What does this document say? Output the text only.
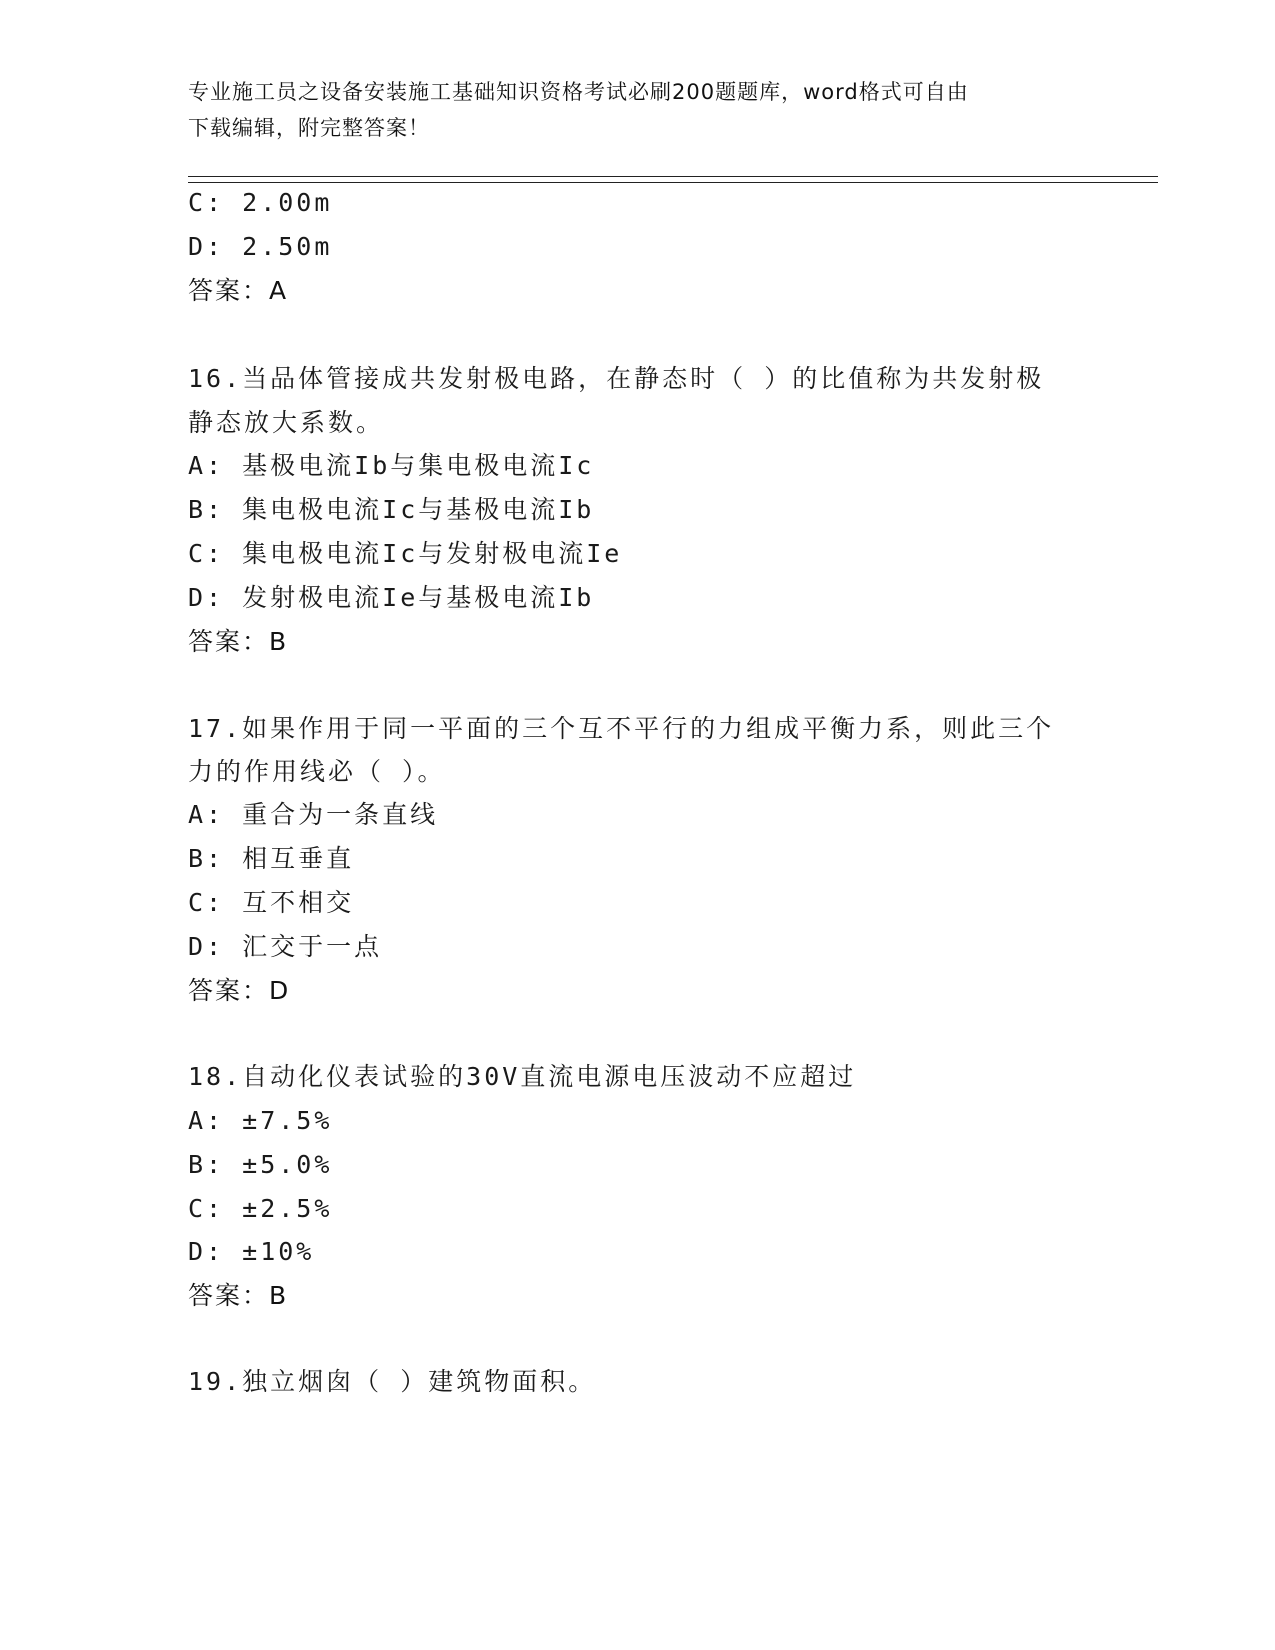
专业施工员之设备安装施工基础知识资格考试必刷200题题库，word格式可自由
下载编辑，附完整答案！
C: 2.00m
D: 2.50m
答案：A
16.当品体管接成共发射极电路，在静态时（ ）的比值称为共发射极
静态放大系数。
A: 基极电流Ib与集电极电流Ic
B: 集电极电流Ic与基极电流Ib
C: 集电极电流Ic与发射极电流Ie
D: 发射极电流Ie与基极电流Ib
答案：B
17.如果作用于同一平面的三个互不平行的力组成平衡力系，则此三个
力的作用线必（ ）。
A: 重合为一条直线
B: 相互垂直
C: 互不相交
D: 汇交于一点
答案：D
18.自动化仪表试验的30V直流电源电压波动不应超过
A: ±7.5%
B: ±5.0%
C: ±2.5%
D: ±10%
答案：B
19.独立烟囱（ ）建筑物面积。
